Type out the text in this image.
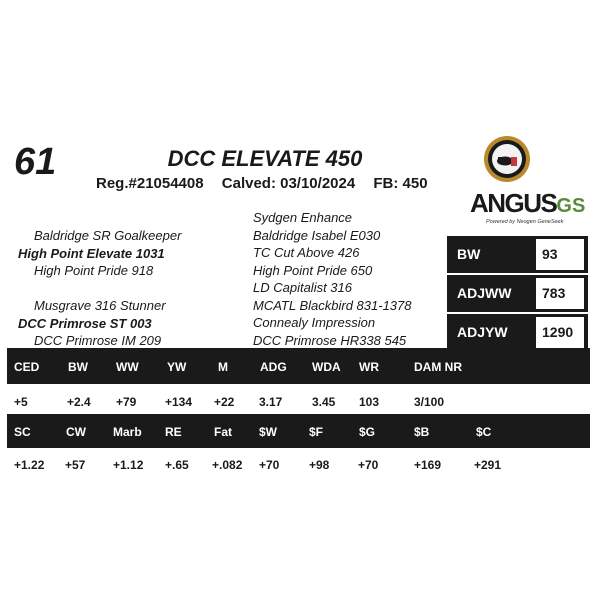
61	DCC ELEVATE 450
Reg.#21054408 Calved: 03/10/2024 FB: 450
ANGUSGS
Powered by Neogen GeneSeek
Baldridge SR Goalkeeper
High Point Elevate 1031
High Point Pride 918
Musgrave 316 Stunner
DCC Primrose ST 003
DCC Primrose IM 209
Sydgen Enhance
Baldridge Isabel E030
TC Cut Above 426
High Point Pride 650
LD Capitalist 316
MCATL Blackbird 831-1378
Connealy Impression
DCC Primrose HR338 545
BW	93
ADJWW	783
ADJYW	1290
CED BW WW YW	M	ADG WDA WR	DAM NR
+5	+2.4 +79 +134 +22 3.17 3.45 103	3/100
SC	CW Marb RE	Fat $W	$F	$G	$B	$C
+1.22 +57 +1.12 +.65 +.082 +70 +98 +70	+169	+291
